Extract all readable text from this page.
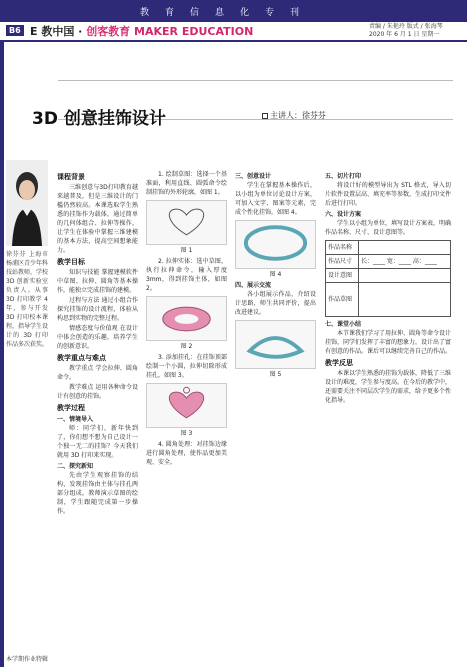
教育信息化专刊
B6 E 教中国 · 创客教育 MAKER EDUCATION	责编 / 朱艳玲 版式 / 张海琴
2020 年 6 月 1 日 星期一
3D 创意挂饰设计	主讲人：徐芬芬
徐芬芬 上海市杨浦区青少年科技站教师，学校 3D 创新实验室负责人。从事 3D 打印教学 4 年，参与开发 3D 打印校本课程，指导学生设计的 3D 打印作品多次获奖。
本学期作业特辑
课程背景
三维创意与3D打印教育越来越普及，但是三维设计的门槛仍然较高。本课选取学生熟悉的挂饰作为载体，通过简单的几何体组合、拉伸等操作，让学生在体验中掌握三维建模的基本方法，提高空间想象能力。
教学目标
知识与技能 掌握建模软件中草图、拉伸、圆角等基本操作，能独立完成挂饰的建模。
过程与方法 通过小组合作探究挂饰的设计流程，体验从构思到实物的完整过程。
情感态度与价值观 在设计中体会创造的乐趣，培养学生的创新意识。
教学重点与难点
教学重点 学会拉伸、圆角命令。
教学难点 运用各种命令设计有创意的挂饰。
教学过程
一、情境导入
师：同学们，新年快到了，你们想不想为自己设计一个独一无二的挂饰？今天我们就用 3D 打印来实现。
二、探究新知
先由学生观察挂饰的结构，发现挂饰由主体与挂孔两部分组成。教师演示草图的绘制，学生跟随完成第一步操作。
1. 绘制草图：选择一个基准面，利用直线、圆弧命令绘制挂饰的外形轮廓，如图 1。
图 1
2. 拉伸实体：选中草图，执行拉伸命令，输入厚度 3mm，得到挂饰主体，如图 2。
图 2
3. 添加挂孔：在挂饰顶部绘制一个小圆，拉伸切除形成挂孔，如图 3。
图 3
4. 圆角处理：对挂饰边缘进行圆角处理，使作品更加美观、安全。
三、创意设计
学生在掌握基本操作后，以小组为单位讨论设计方案，可加入文字、图案等元素，完成个性化挂饰，如图 4。
图 4
四、展示交流
各小组展示作品，介绍设计思路，师生共同评价，提出改进建议。
图 5
五、切片打印
将设计好的模型导出为 STL 格式，导入切片软件设置层高、填充率等参数，生成打印文件后进行打印。
六、设计方案
学生以小组为单位，填写设计方案表，明确作品名称、尺寸、设计意图等。
作品名称	
作品尺寸	长：____ 宽：____ 高：____
设计意图	
作品草图	
七、课堂小结
本节课我们学习了用拉伸、圆角等命令设计挂饰，同学们发挥了丰富的想象力，设计出了富有创意的作品。课后可以继续完善自己的作品。
教学反思
本课以学生熟悉的挂饰为载体，降低了三维设计的难度，学生参与度高。在今后的教学中，还需要关注不同层次学生的需求，给予更多个性化指导。
